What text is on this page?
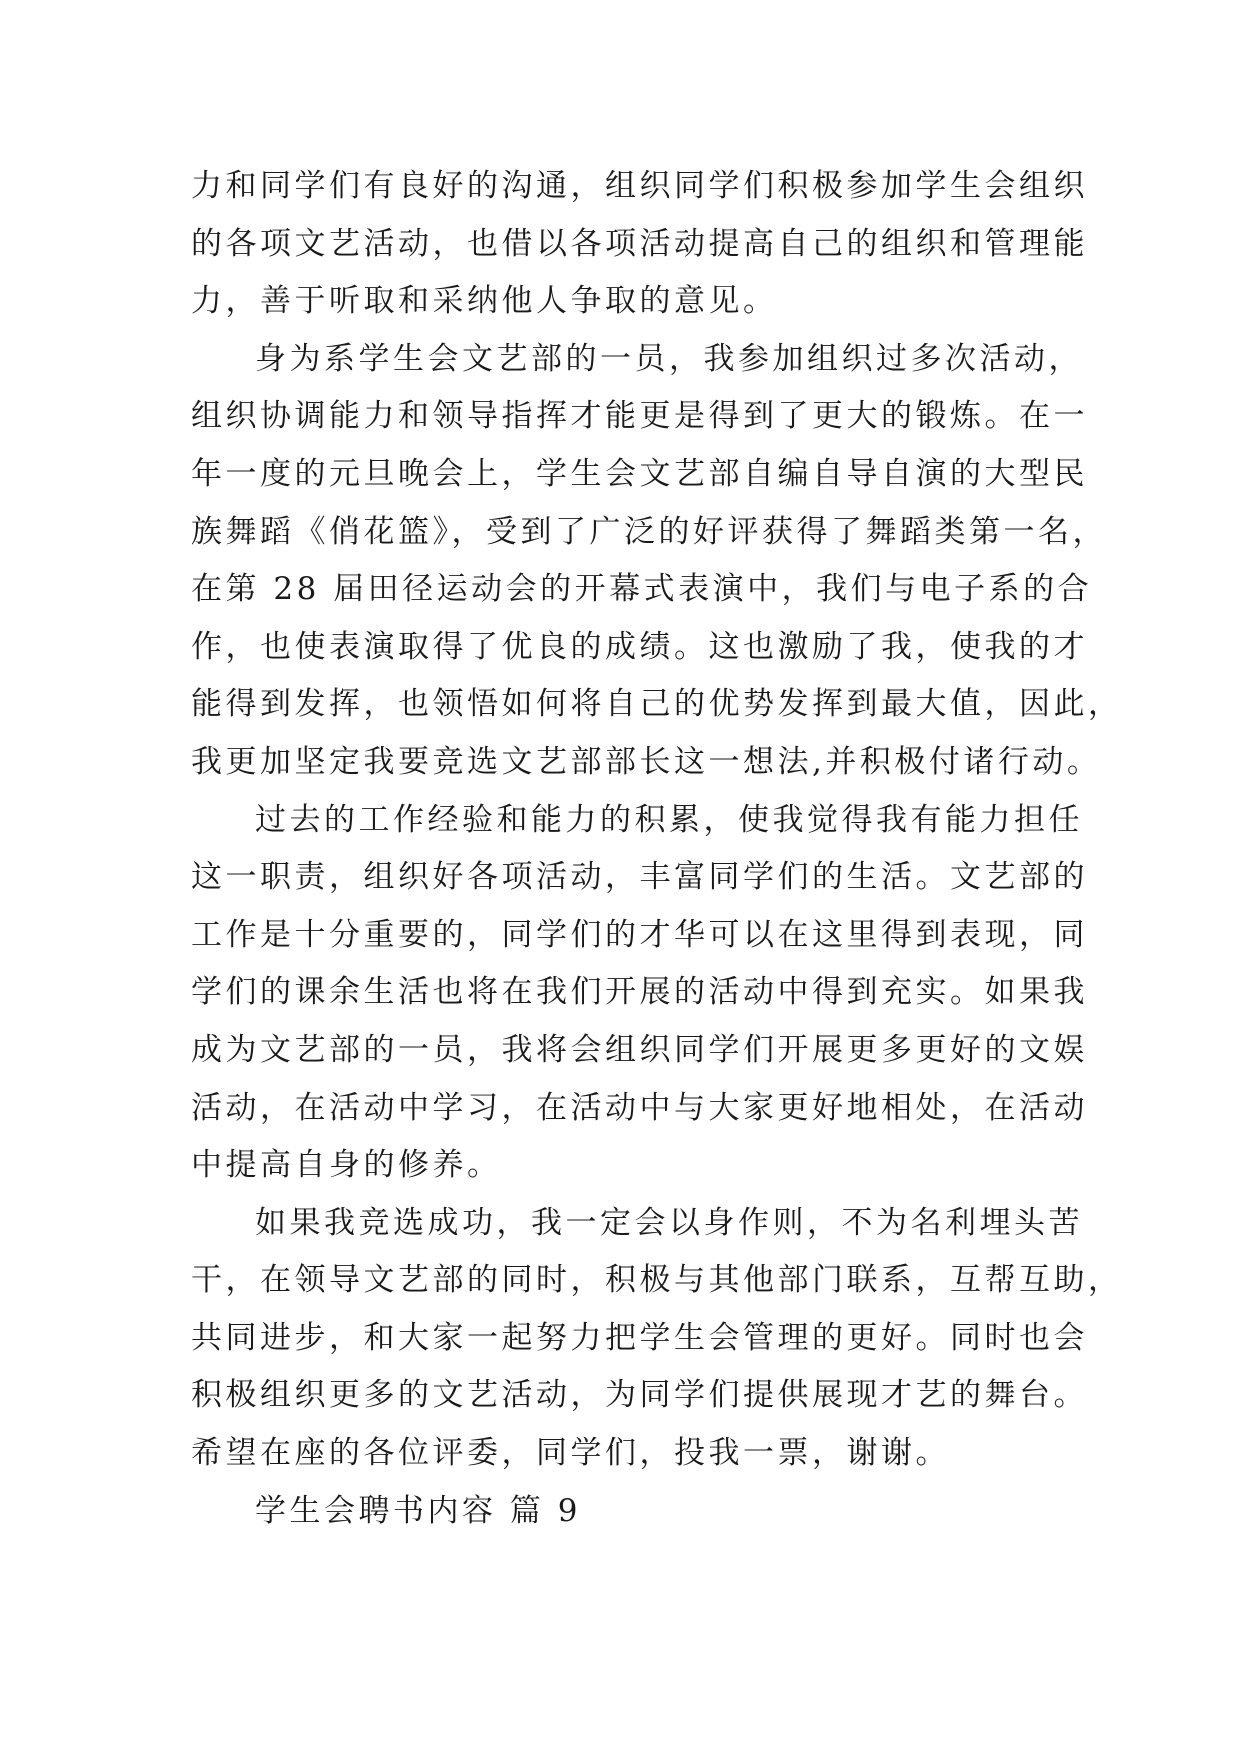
力和同学们有良好的沟通，组织同学们积极参加学生会组织
的各项文艺活动，也借以各项活动提高自己的组织和管理能
力，善于听取和采纳他人争取的意见。
身为系学生会文艺部的一员，我参加组织过多次活动，
组织协调能力和领导指挥才能更是得到了更大的锻炼。在一
年一度的元旦晚会上，学生会文艺部自编自导自演的大型民
族舞蹈《俏花篮》，受到了广泛的好评获得了舞蹈类第一名，
在第 28 届田径运动会的开幕式表演中，我们与电子系的合
作，也使表演取得了优良的成绩。这也激励了我，使我的才
能得到发挥，也领悟如何将自己的优势发挥到最大值，因此，
我更加坚定我要竞选文艺部部长这一想法,并积极付诸行动。
过去的工作经验和能力的积累，使我觉得我有能力担任
这一职责，组织好各项活动，丰富同学们的生活。文艺部的
工作是十分重要的，同学们的才华可以在这里得到表现，同
学们的课余生活也将在我们开展的活动中得到充实。如果我
成为文艺部的一员，我将会组织同学们开展更多更好的文娱
活动，在活动中学习，在活动中与大家更好地相处，在活动
中提高自身的修养。
如果我竞选成功，我一定会以身作则，不为名利埋头苦
干，在领导文艺部的同时，积极与其他部门联系，互帮互助，
共同进步，和大家一起努力把学生会管理的更好。同时也会
积极组织更多的文艺活动，为同学们提供展现才艺的舞台。
希望在座的各位评委，同学们，投我一票，谢谢。
学生会聘书内容 篇 9
